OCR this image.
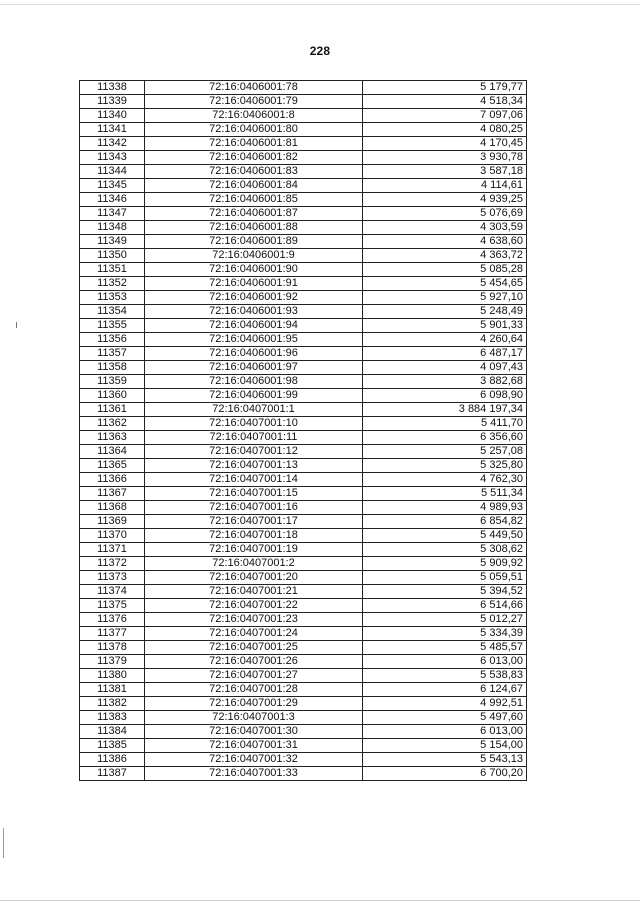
228
11338	72:16:0406001:78	5 179,77
11339	72:16:0406001:79	4 518,34
11340	72:16:0406001:8	7 097,06
11341	72:16:0406001:80	4 080,25
11342	72:16:0406001:81	4 170,45
11343	72:16:0406001:82	3 930,78
11344	72:16:0406001:83	3 587,18
11345	72:16:0406001:84	4 114,61
11346	72:16:0406001:85	4 939,25
11347	72:16:0406001:87	5 076,69
11348	72:16:0406001:88	4 303,59
11349	72:16:0406001:89	4 638,60
11350	72:16:0406001:9	4 363,72
11351	72:16:0406001:90	5 085,28
11352	72:16:0406001:91	5 454,65
11353	72:16:0406001:92	5 927,10
11354	72:16:0406001:93	5 248,49
11355	72:16:0406001:94	5 901,33
11356	72:16:0406001:95	4 260,64
11357	72:16:0406001:96	6 487,17
11358	72:16:0406001:97	4 097,43
11359	72:16:0406001:98	3 882,68
11360	72:16:0406001:99	6 098,90
11361	72:16:0407001:1	3 884 197,34
11362	72:16:0407001:10	5 411,70
11363	72:16:0407001:11	6 356,60
11364	72:16:0407001:12	5 257,08
11365	72:16:0407001:13	5 325,80
11366	72:16:0407001:14	4 762,30
11367	72:16:0407001:15	5 511,34
11368	72:16:0407001:16	4 989,93
11369	72:16:0407001:17	6 854,82
11370	72:16:0407001:18	5 449,50
11371	72:16:0407001:19	5 308,62
11372	72:16:0407001:2	5 909,92
11373	72:16:0407001:20	5 059,51
11374	72:16:0407001:21	5 394,52
11375	72:16:0407001:22	6 514,66
11376	72:16:0407001:23	5 012,27
11377	72:16:0407001:24	5 334,39
11378	72:16:0407001:25	5 485,57
11379	72:16:0407001:26	6 013,00
11380	72:16:0407001:27	5 538,83
11381	72:16:0407001:28	6 124,67
11382	72:16:0407001:29	4 992,51
11383	72:16:0407001:3	5 497,60
11384	72:16:0407001:30	6 013,00
11385	72:16:0407001:31	5 154,00
11386	72:16:0407001:32	5 543,13
11387	72:16:0407001:33	6 700,20
